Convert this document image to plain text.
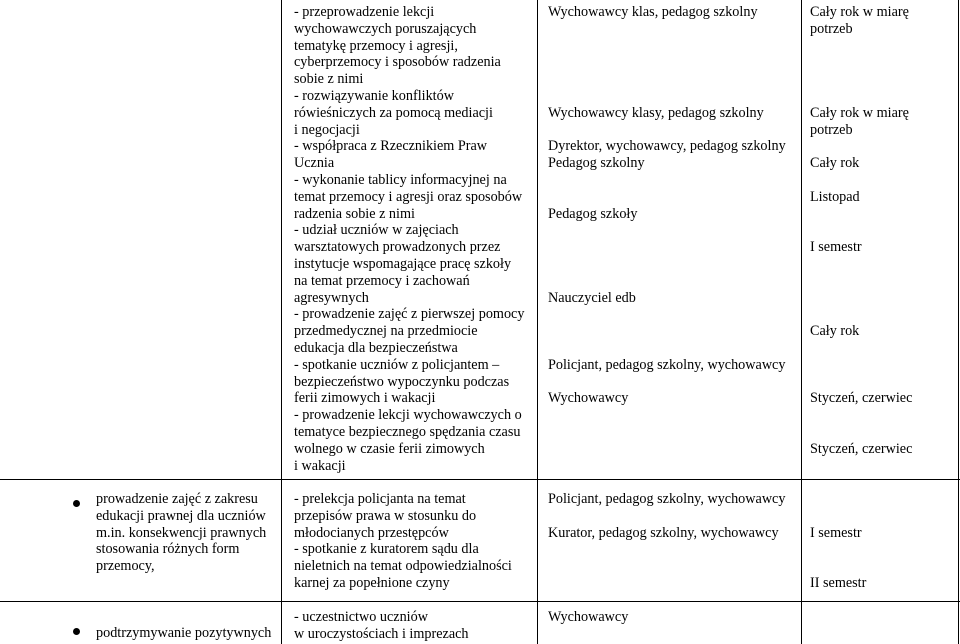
- przeprowadzenie lekcji
wychowawczych poruszających
tematykę przemocy i agresji,
cyberprzemocy i sposobów radzenia
sobie z nimi
- rozwiązywanie konfliktów
rówieśniczych za pomocą mediacji
i negocjacji
- współpraca z Rzecznikiem Praw
Ucznia
- wykonanie tablicy informacyjnej na
temat przemocy i agresji oraz sposobów
radzenia sobie z nimi
- udział uczniów w zajęciach
warsztatowych prowadzonych przez
instytucje wspomagające pracę szkoły
na temat przemocy i zachowań
agresywnych
- prowadzenie zajęć z pierwszej pomocy
przedmedycznej na przedmiocie
edukacja dla bezpieczeństwa
- spotkanie uczniów z policjantem –
bezpieczeństwo wypoczynku podczas
ferii zimowych i wakacji
- prowadzenie lekcji wychowawczych o
tematyce bezpiecznego spędzania czasu
wolnego w czasie ferii zimowych
i wakacji
Wychowawcy klas, pedagog szkolny
Wychowawcy klasy, pedagog szkolny
Dyrektor, wychowawcy, pedagog szkolny
Pedagog szkolny
Pedagog szkoły
Nauczyciel edb
Policjant, pedagog szkolny, wychowawcy
Wychowawcy
Cały rok w miarę
potrzeb
Cały rok w miarę
potrzeb
Cały rok
Listopad
I semestr
Cały rok
Styczeń, czerwiec
Styczeń, czerwiec
prowadzenie zajęć z zakresu
edukacji prawnej dla uczniów
m.in. konsekwencji prawnych
stosowania różnych form
przemocy,
- prelekcja policjanta na temat
przepisów prawa w stosunku do
młodocianych przestępców
- spotkanie z kuratorem sądu dla
nieletnich na temat odpowiedzialności
karnej za popełnione czyny
Policjant, pedagog szkolny, wychowawcy
Kurator, pedagog szkolny, wychowawcy I semestr
II semestr
podtrzymywanie pozytywnych
- uczestnictwo uczniów
w uroczystościach i imprezach
Wychowawcy
